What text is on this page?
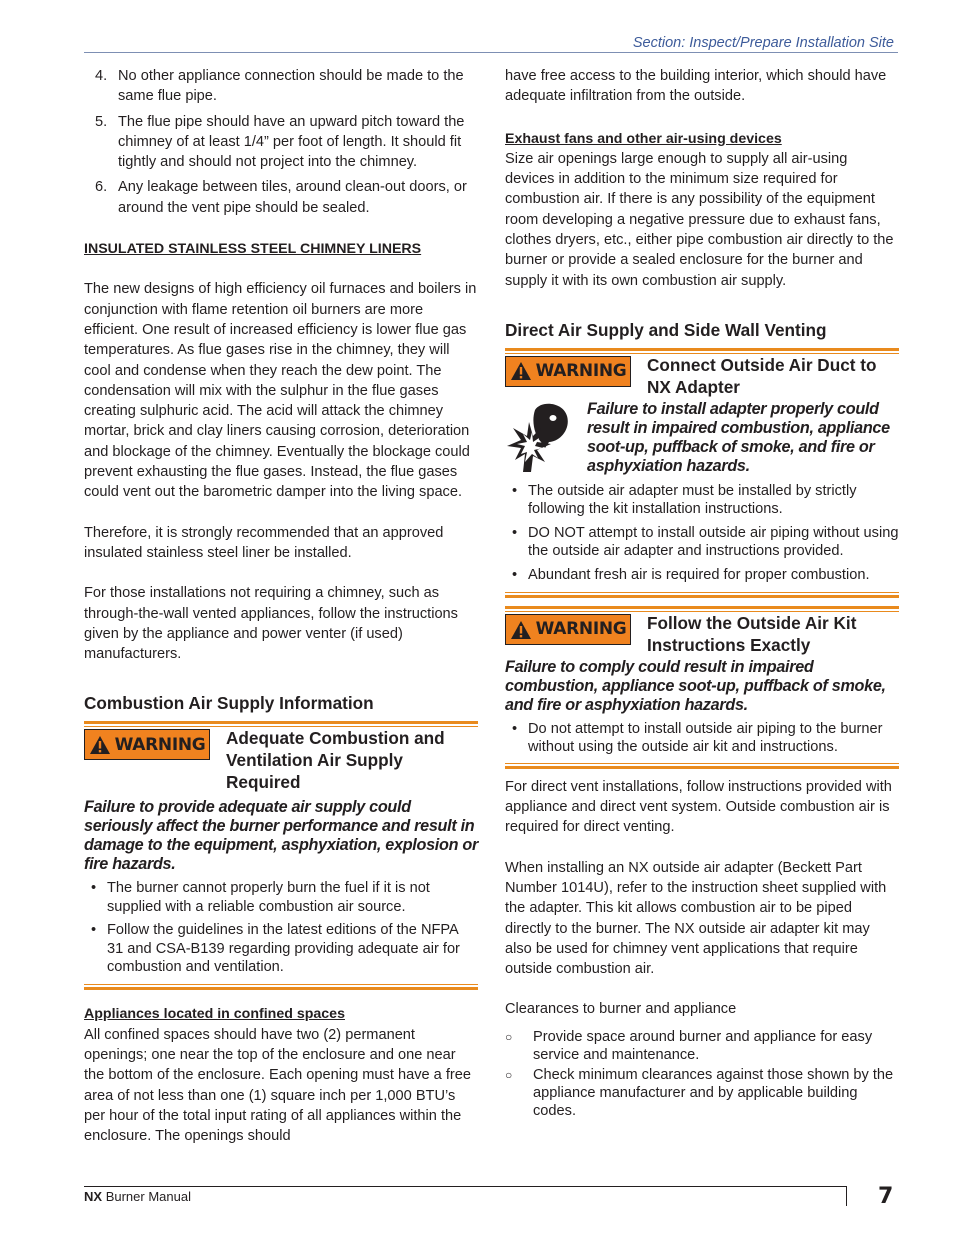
Section: Inspect/Prepare Installation Site
4. No other appliance connection should be made to the same flue pipe.
5. The flue pipe should have an upward pitch toward the chimney of at least 1/4” per foot of length. It should fit tightly and should not project into the chimney.
6. Any leakage between tiles, around clean-out doors, or around the vent pipe should be sealed.

INSULATED STAINLESS STEEL CHIMNEY LINERS

The new designs of high efficiency oil furnaces and boilers in conjunction with flame retention oil burners are more efficient. One result of increased efficiency is lower flue gas temperatures. As flue gases rise in the chimney, they will cool and condense when they reach the dew point. The condensation will mix with the sulphur in the flue gases creating sulphuric acid. The acid will attack the chimney mortar, brick and clay liners causing corrosion, deterioration and blockage of the chimney. Eventually the blockage could prevent exhausting the flue gases. Instead, the flue gases could vent out the barometric damper into the living space.

Therefore, it is strongly recommended that an approved insulated stainless steel liner be installed.

For those installations not requiring a chimney, such as through-the-wall vented appliances, follow the instructions given by the appliance and power venter (if used) manufacturers.

Combustion Air Supply Information

WARNING Adequate Combustion and Ventilation Air Supply Required
Failure to provide adequate air supply could seriously affect the burner performance and result in damage to the equipment, asphyxiation, explosion or fire hazards.
• The burner cannot properly burn the fuel if it is not supplied with a reliable combustion air source.
• Follow the guidelines in the latest editions of the NFPA 31 and CSA-B139 regarding providing adequate air for combustion and ventilation.

Appliances located in confined spaces

All confined spaces should have two (2) permanent openings; one near the top of the enclosure and one near the bottom of the enclosure. Each opening must have a free area of not less than one (1) square inch per 1,000 BTU’s per hour of the total input rating of all appliances within the enclosure. The openings should

have free access to the building interior, which should have adequate infiltration from the outside.

Exhaust fans and other air-using devices

Size air openings large enough to supply all air-using devices in addition to the minimum size required for combustion air. If there is any possibility of the equipment room developing a negative pressure due to exhaust fans, clothes dryers, etc., either pipe combustion air directly to the burner or provide a sealed enclosure for the burner and supply it with its own combustion air supply.

Direct Air Supply and Side Wall Venting

WARNING Connect Outside Air Duct to NX Adapter
Failure to install adapter properly could result in impaired combustion, appliance soot-up, puffback of smoke, and fire or asphyxiation hazards.
• The outside air adapter must be installed by strictly following the kit installation instructions.
• DO NOT attempt to install outside air piping without using the outside air adapter and instructions provided.
• Abundant fresh air is required for proper combustion.
WARNING Follow the Outside Air Kit Instructions Exactly
Failure to comply could result in impaired combustion, appliance soot-up, puffback of smoke, and fire or asphyxiation hazards.
• Do not attempt to install outside air piping to the burner without using the outside air kit and instructions.

For direct vent installations, follow instructions provided with appliance and direct vent system. Outside combustion air is required for direct venting.

When installing an NX outside air adapter (Beckett Part Number 1014U), refer to the instruction sheet supplied with the adapter. This kit allows combustion air to be piped directly to the burner. The NX outside air adapter kit may also be used for chimney vent applications that require outside combustion air.

Clearances to burner and appliance

○ Provide space around burner and appliance for easy service and maintenance.
○ Check minimum clearances against those shown by the appliance manufacturer and by applicable building codes.
NX Burner Manual	7
